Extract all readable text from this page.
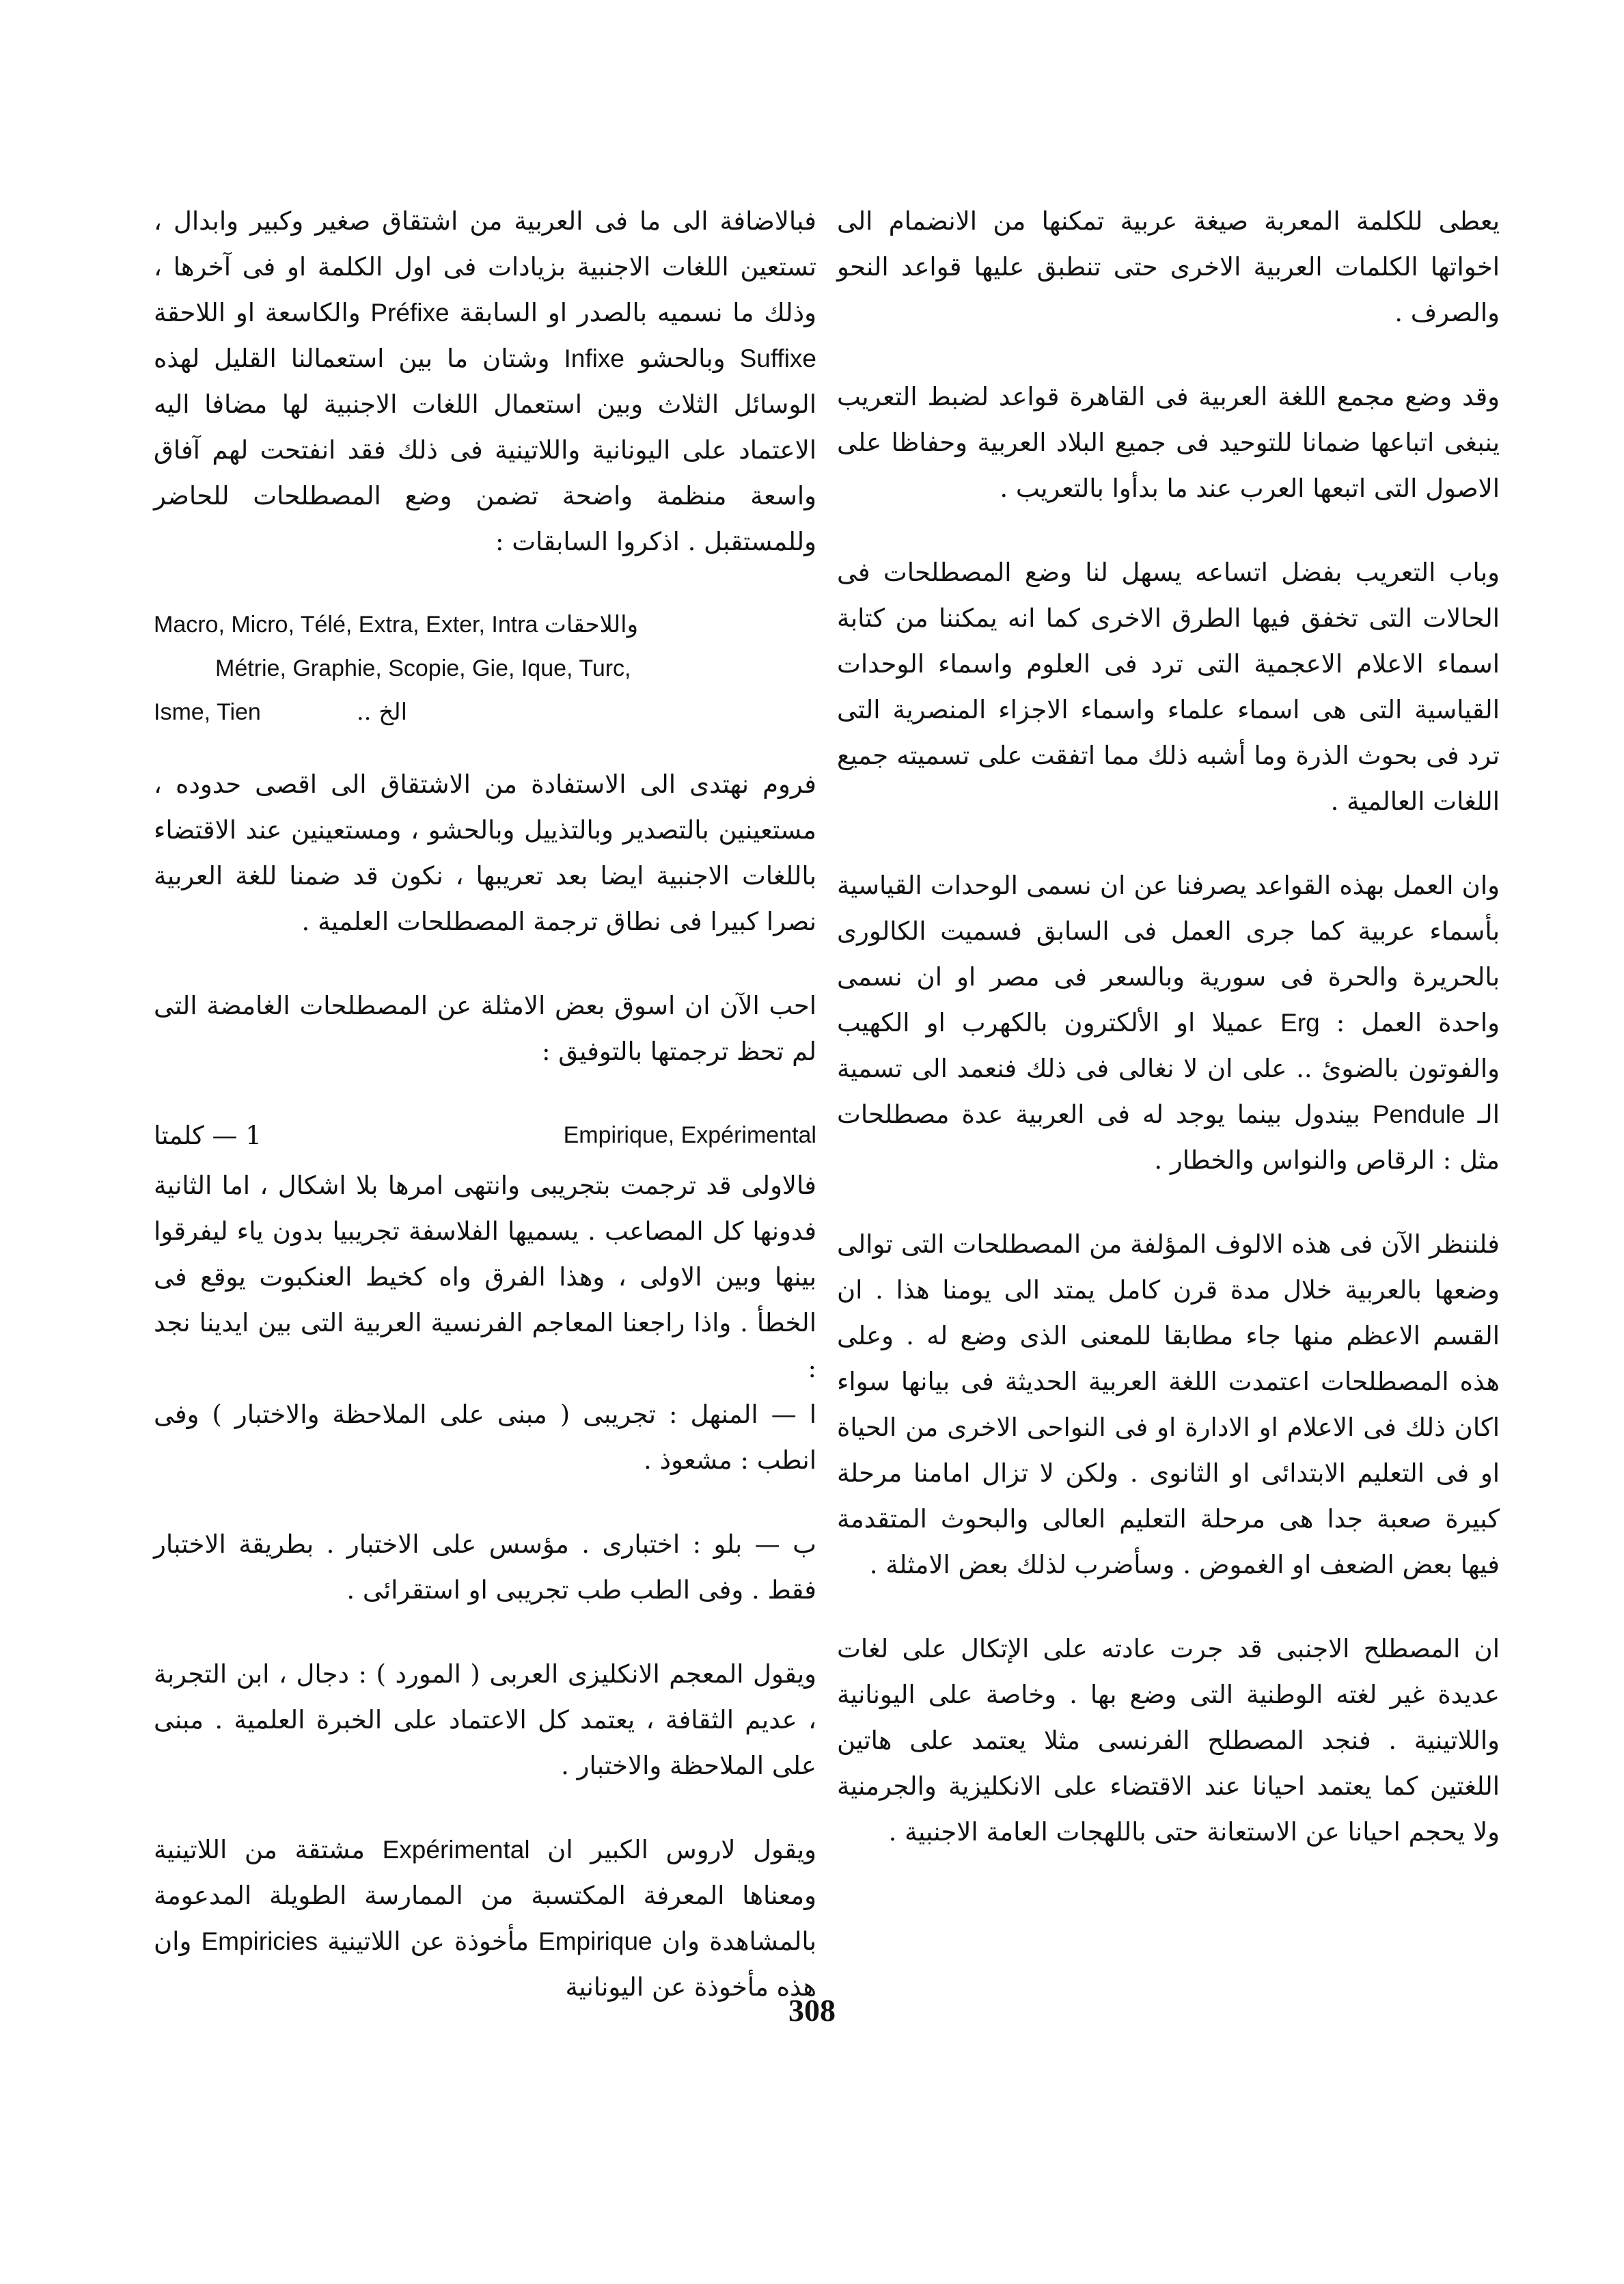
يعطى للكلمة المعربة صيغة عربية تمكنها من الانضمام الى اخواتها الكلمات العربية الاخرى حتى تنطبق عليها قواعد النحو والصرف .

وقد وضع مجمع اللغة العربية فى القاهرة قواعد لضبط التعريب ينبغى اتباعها ضمانا للتوحيد فى جميع البلاد العربية وحفاظا على الاصول التى اتبعها العرب عند ما بدأوا بالتعريب .

وباب التعريب بفضل اتساعه يسهل لنا وضع المصطلحات فى الحالات التى تخفق فيها الطرق الاخرى كما انه يمكننا من كتابة اسماء الاعلام الاعجمية التى ترد فى العلوم واسماء الوحدات القياسية التى هى اسماء علماء واسماء الاجزاء المنصرية التى ترد فى بحوث الذرة وما أشبه ذلك مما اتفقت على تسميته جميع اللغات العالمية .

وان العمل بهذه القواعد يصرفنا عن ان نسمى الوحدات القياسية بأسماء عربية كما جرى العمل فى السابق فسميت الكالورى بالحريرة والحرة فى سورية وبالسعر فى مصر او ان نسمى واحدة العمل : Erg عميلا او الألكترون بالكهرب او الكهيب والفوتون بالضوئ .. على ان لا نغالى فى ذلك فنعمد الى تسمية الـ Pendule بيندول بينما يوجد له فى العربية عدة مصطلحات مثل : الرقاص والنواس والخطار .

فلننظر الآن فى هذه الالوف المؤلفة من المصطلحات التى توالى وضعها بالعربية خلال مدة قرن كامل يمتد الى يومنا هذا . ان القسم الاعظم منها جاء مطابقا للمعنى الذى وضع له . وعلى هذه المصطلحات اعتمدت اللغة العربية الحديثة فى بيانها سواء اكان ذلك فى الاعلام او الادارة او فى النواحى الاخرى من الحياة او فى التعليم الابتدائى او الثانوى . ولكن لا تزال امامنا مرحلة كبيرة صعبة جدا هى مرحلة التعليم العالى والبحوث المتقدمة فيها بعض الضعف او الغموض . وسأضرب لذلك بعض الامثلة .

ان المصطلح الاجنبى قد جرت عادته على الإتكال على لغات عديدة غير لغته الوطنية التى وضع بها . وخاصة على اليونانية واللاتينية . فنجد المصطلح الفرنسى مثلا يعتمد على هاتين اللغتين كما يعتمد احيانا عند الاقتضاء على الانكليزية والجرمنية ولا يحجم احيانا عن الاستعانة حتى باللهجات العامة الاجنبية .

فبالاضافة الى ما فى العربية من اشتقاق صغير وكبير وابدال ، تستعين اللغات الاجنبية بزيادات فى اول الكلمة او فى آخرها ، وذلك ما نسميه بالصدر او السابقة Préfixe والكاسعة او اللاحقة Suffixe وبالحشو Infixe وشتان ما بين استعمالنا القليل لهذه الوسائل الثلاث وبين استعمال اللغات الاجنبية لها مضافا اليه الاعتماد على اليونانية واللاتينية فى ذلك فقد انفتحت لهم آفاق واسعة منظمة واضحة تضمن وضع المصطلحات للحاضر وللمستقبل . اذكروا السابقات :

Macro, Micro, Télé, Extra, Exter, Intra واللاحقات
Métrie, Graphie, Scopie, Gie, Ique, Turc,
Isme, Tien	الخ ..

فروم نهتدى الى الاستفادة من الاشتقاق الى اقصى حدوده ، مستعينين بالتصدير وبالتذييل وبالحشو ، ومستعينين عند الاقتضاء باللغات الاجنبية ايضا بعد تعريبها ، نكون قد ضمنا للغة العربية نصرا كبيرا فى نطاق ترجمة المصطلحات العلمية .

احب الآن ان اسوق بعض الامثلة عن المصطلحات الغامضة التى لم تحظ ترجمتها بالتوفيق :

1 — كلمتا	Empirique, Expérimental

فالاولى قد ترجمت بتجريبى وانتهى امرها بلا اشكال ، اما الثانية فدونها كل المصاعب . يسميها الفلاسفة تجريبيا بدون ياء ليفرقوا بينها وبين الاولى ، وهذا الفرق واه كخيط العنكبوت يوقع فى الخطأ . واذا راجعنا المعاجم الفرنسية العربية التى بين ايدينا نجد :

ا — المنهل : تجريبى ( مبنى على الملاحظة والاختبار ) وفى انطب : مشعوذ .

ب — بلو : اختبارى . مؤسس على الاختبار . بطريقة الاختبار فقط . وفى الطب طب تجريبى او استقرائى .

ويقول المعجم الانكليزى العربى ( المورد ) : دجال ، ابن التجربة ، عديم الثقافة ، يعتمد كل الاعتماد على الخبرة العلمية . مبنى على الملاحظة والاختبار .

ويقول لاروس الكبير ان Expérimental مشتقة من اللاتينية ومعناها المعرفة المكتسبة من الممارسة الطويلة المدعومة بالمشاهدة وان Empirique مأخوذة عن اللاتينية Empiricies وان هذه مأخوذة عن اليونانية

308
